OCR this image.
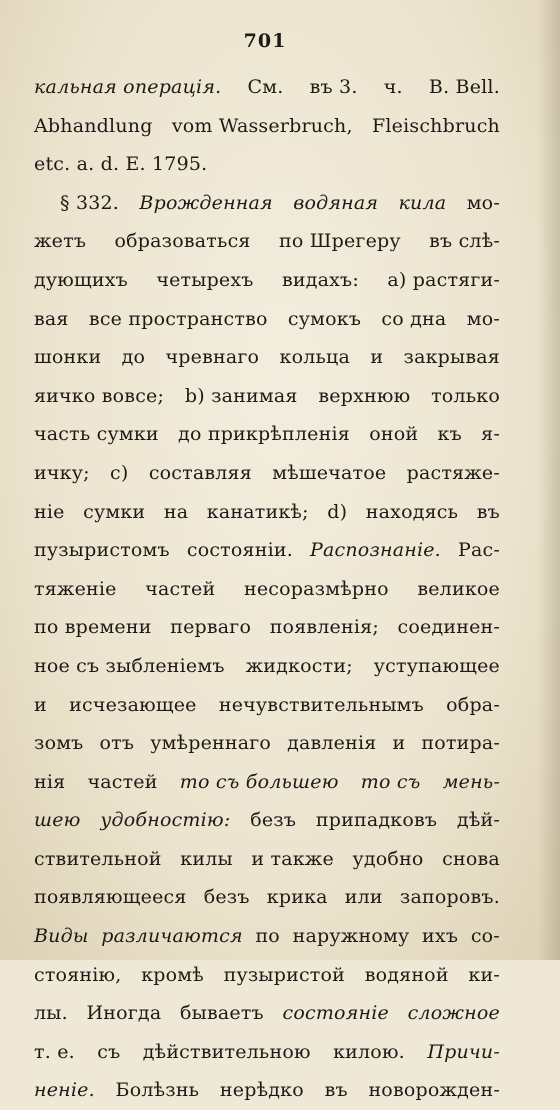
701
кальная операція. См. въ 3. ч. B. Bell.
Abhandlung vom Wasserbruch, Fleischbruch
etc. a. d. E. 1795.
§ 332. Врожденная водяная кила мо-
жетъ образоваться по Шрегеру въ слѣ-
дующихъ четырехъ видахъ: a) растяги-
вая все пространство сумокъ со дна мо-
шонки до чревнаго кольца и закрывая
яичко вовсе; b) занимая верхнюю только
часть сумки до прикрѣпленія оной къ я-
ичку; c) составляя мѣшечатое растяже-
ніе сумки на канатикѣ; d) находясь въ
пузыристомъ состояніи. Распознаніе. Рас-
тяженіе частей несоразмѣрно великое
по времени перваго появленія; соединен-
ное съ зыбленіемъ жидкости; уступающее
и исчезающее нечувствительнымъ обра-
зомъ отъ умѣреннаго давленія и потира-
нія частей то съ большею то съ мень-
шею удобностію: безъ припадковъ дѣй-
ствительной килы и также удобно снова
появляющееся безъ крика или запоровъ.
Виды различаются по наружному ихъ со-
стоянію, кромѣ пузыристой водяной ки-
лы. Иногда бываетъ состояніе сложное
т. е. съ дѣйствительною килою. Причи-
ненiе. Болѣзнь нерѣдко въ новорожден-
